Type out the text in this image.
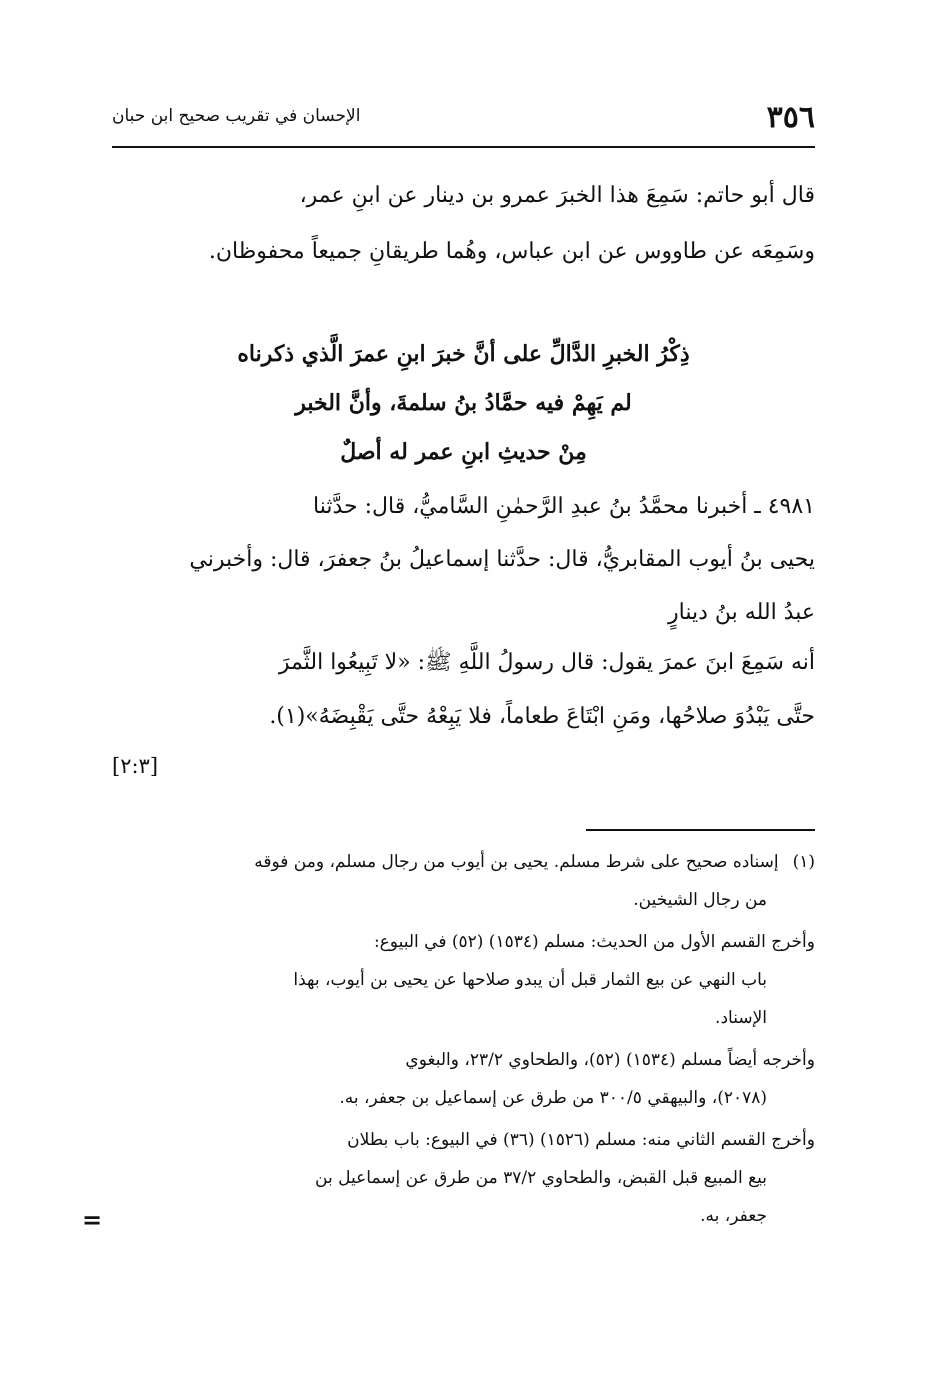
٣٥٦
الإحسان في تقريب صحيح ابن حبان
قال أبو حاتم: سَمِعَ هذا الخبرَ عمرو بن دينار عن ابنِ عمر،
وسَمِعَه عن طاووس عن ابن عباس، وهُما طريقانِ جميعاً محفوظان.
ذِكْرُ الخبرِ الدَّالِّ على أنَّ خبرَ ابنِ عمرَ الَّذي ذكرناه
لم يَهِمْ فيه حمَّادُ بنُ سلمةَ، وأنَّ الخبر
مِنْ حديثِ ابنِ عمر له أصلٌ
٤٩٨١ ـ أخبرنا محمَّدُ بنُ عبدِ الرَّحمٰنِ السَّاميُّ، قال: حدَّثنا
يحيى بنُ أيوب المقابريُّ، قال: حدَّثنا إسماعيلُ بنُ جعفرَ، قال: وأخبرني
عبدُ الله بنُ دينارٍ
أنه سَمِعَ ابنَ عمرَ يقول: قال رسولُ اللَّهِ ﷺ: «لا تَبِيعُوا الثَّمرَ
حتَّى يَبْدُوَ صلاحُها، ومَنِ ابْتَاعَ طعاماً، فلا يَبِعْهُ حتَّى يَقْبِضَهُ»(١).
[٢:٣]
(١)إسناده صحيح على شرط مسلم. يحيى بن أيوب من رجال مسلم، ومن فوقه
من رجال الشيخين.
وأخرج القسم الأول من الحديث: مسلم (١٥٣٤) (٥٢) في البيوع:
باب النهي عن بيع الثمار قبل أن يبدو صلاحها عن يحيى بن أيوب، بهذا
الإسناد.
وأخرجه أيضاً مسلم (١٥٣٤) (٥٢)، والطحاوي ٢٣/٢، والبغوي
(٢٠٧٨)، والبيهقي ٣٠٠/٥ من طرق عن إسماعيل بن جعفر، به.
وأخرج القسم الثاني منه: مسلم (١٥٢٦) (٣٦) في البيوع: باب بطلان
بيع المبيع قبل القبض، والطحاوي ٣٧/٢ من طرق عن إسماعيل بن
جعفر، به.
=
